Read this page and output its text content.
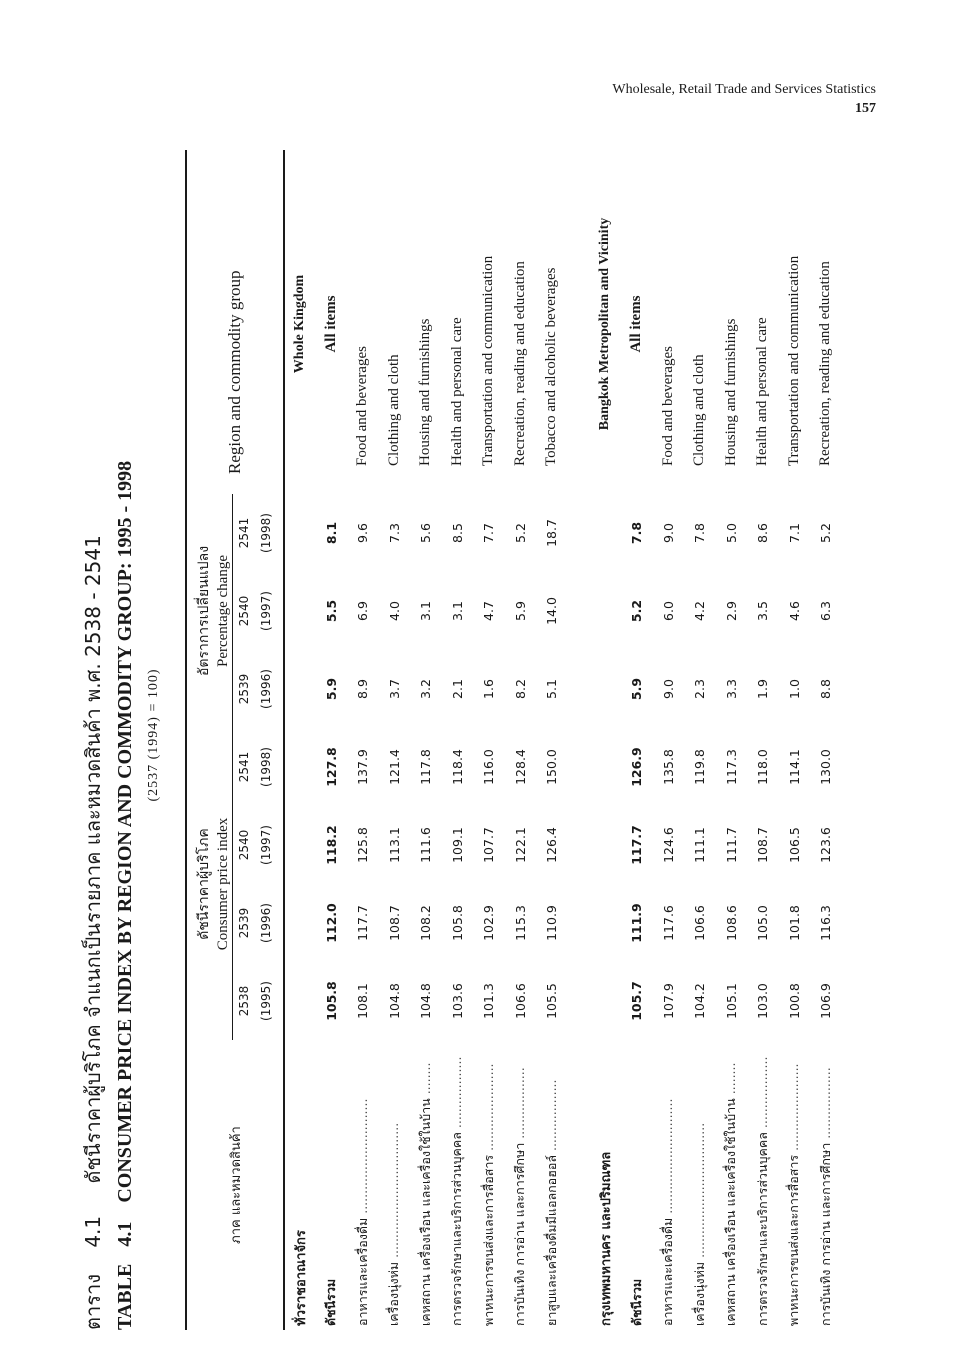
Wholesale, Retail Trade and Services Statistics
157
ตาราง 4.1 ดัชนีราคาผู้บริโภค จำแนกเป็นรายภาค และหมวดสินค้า พ.ศ. 2538 - 2541
TABLE 4.1 CONSUMER PRICE INDEX BY REGION AND COMMODITY GROUP: 1995 - 1998 (2537 (1994) = 100)
ภาค และหมวดสินค้า	ดัชนีราคาผู้บริโภค				อัตราการเปลี่ยนแปลง			Region and commodity group
	Consumer price index				Percentage change			
	2538	2539	2540	2541	2539	2540	2541	
	(1995)	(1996)	(1997)	(1998)	(1996)	(1997)	(1998)	
ทั่วราชอาณาจักร								Whole Kingdom
ดัชนีรวม	105.8	112.0	118.2	127.8	5.9	5.5	8.1	All items
อาหารและเครื่องดื่ม .............................	108.1	117.7	125.8	137.9	8.9	6.9	9.6	Food and beverages
เครื่องนุ่งห่ม ..................................	104.8	108.7	113.1	121.4	3.7	4.0	7.3	Clothing and cloth
เคหสถาน เครื่องเรือน และเครื่องใช้ในบ้าน ........	104.8	108.2	111.6	117.8	3.2	3.1	5.6	Housing and furnishings
การตรวจรักษาและบริการส่วนบุคคล ..................	103.6	105.8	109.1	118.4	2.1	3.1	8.5	Health and personal care
พาหนะการขนส่งและการสื่อสาร ......................	101.3	102.9	107.7	116.0	1.6	4.7	7.7	Transportation and communication
การบันเทิง การอ่าน และการศึกษา ..................	106.6	115.3	122.1	128.4	8.2	5.9	5.2	Recreation, reading and education
ยาสูบและเครื่องดื่มมีแอลกอฮอล์ ..................	105.5	110.9	126.4	150.0	5.1	14.0	18.7	Tobacco and alcoholic beverages

กรุงเทพมหานคร และปริมณฑล								Bangkok Metropolitan and Vicinity
ดัชนีรวม	105.7	111.9	117.7	126.9	5.9	5.2	7.8	All items
อาหารและเครื่องดื่ม .............................	107.9	117.6	124.6	135.8	9.0	6.0	9.0	Food and beverages
เครื่องนุ่งห่ม ..................................	104.2	106.6	111.1	119.8	2.3	4.2	7.8	Clothing and cloth
เคหสถาน เครื่องเรือน และเครื่องใช้ในบ้าน ........	105.1	108.6	111.7	117.3	3.3	2.9	5.0	Housing and furnishings
การตรวจรักษาและบริการส่วนบุคคล ..................	103.0	105.0	108.7	118.0	1.9	3.5	8.6	Health and personal care
พาหนะการขนส่งและการสื่อสาร ......................	100.8	101.8	106.5	114.1	1.0	4.6	7.1	Transportation and communication
การบันเทิง การอ่าน และการศึกษา ..................	106.9	116.3	123.6	130.0	8.8	6.3	5.2	Recreation, reading and education
